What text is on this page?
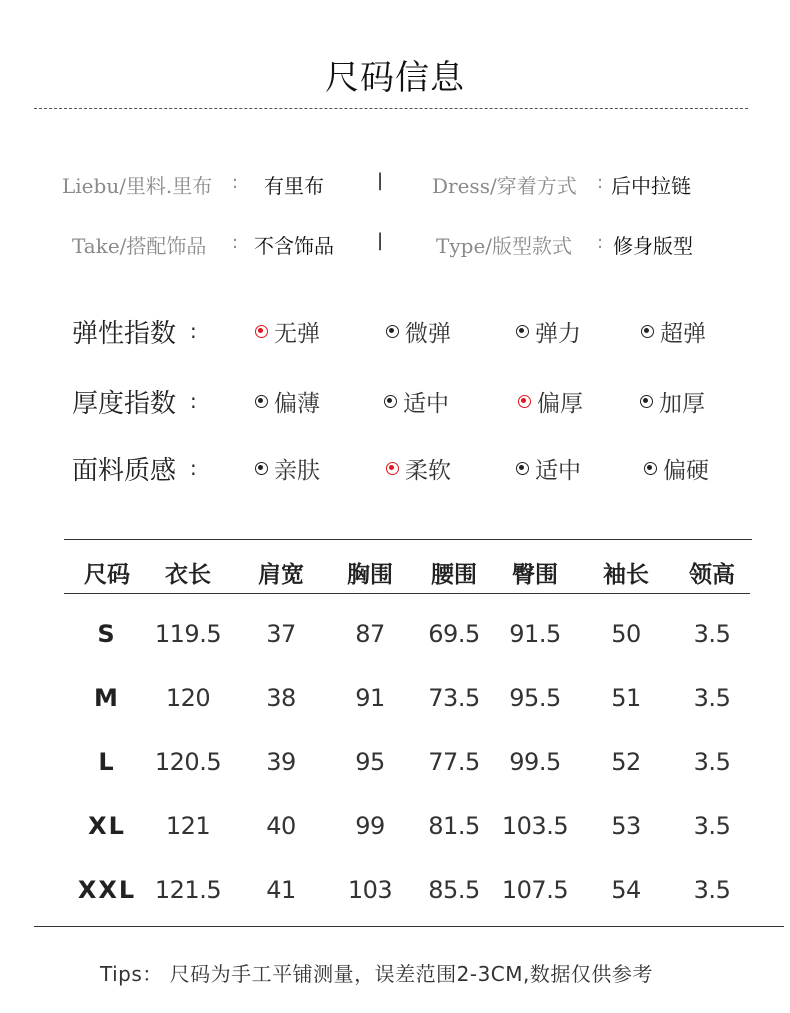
尺码信息
Liebu/里料.里布 : 有里布	| Dress/穿着方式 : 后中拉链
Take/搭配饰品 : 不含饰品 |	Type/版型款式 : 修身版型
弹性指数 :	无弹	微弹	弹力	超弹
厚度指数 :	偏薄	适中	偏厚	加厚
面料质感 :	亲肤	柔软	适中	偏硬
尺码 衣长 肩宽 胸围 腰围 臀围 袖长 领高
S 119.5 37 87 69.5 91.5 50 3.5
M 120 38 91 73.5 95.5 51 3.5
L 120.5 39 95 77.5 99.5 52 3.5
XL 121 40 99 81.5 103.5 53 3.5
XXL 121.5 41 103 85.5 107.5 54 3.5
Tips： 尺码为手工平铺测量，误差范围2-3CM,数据仅供参考
